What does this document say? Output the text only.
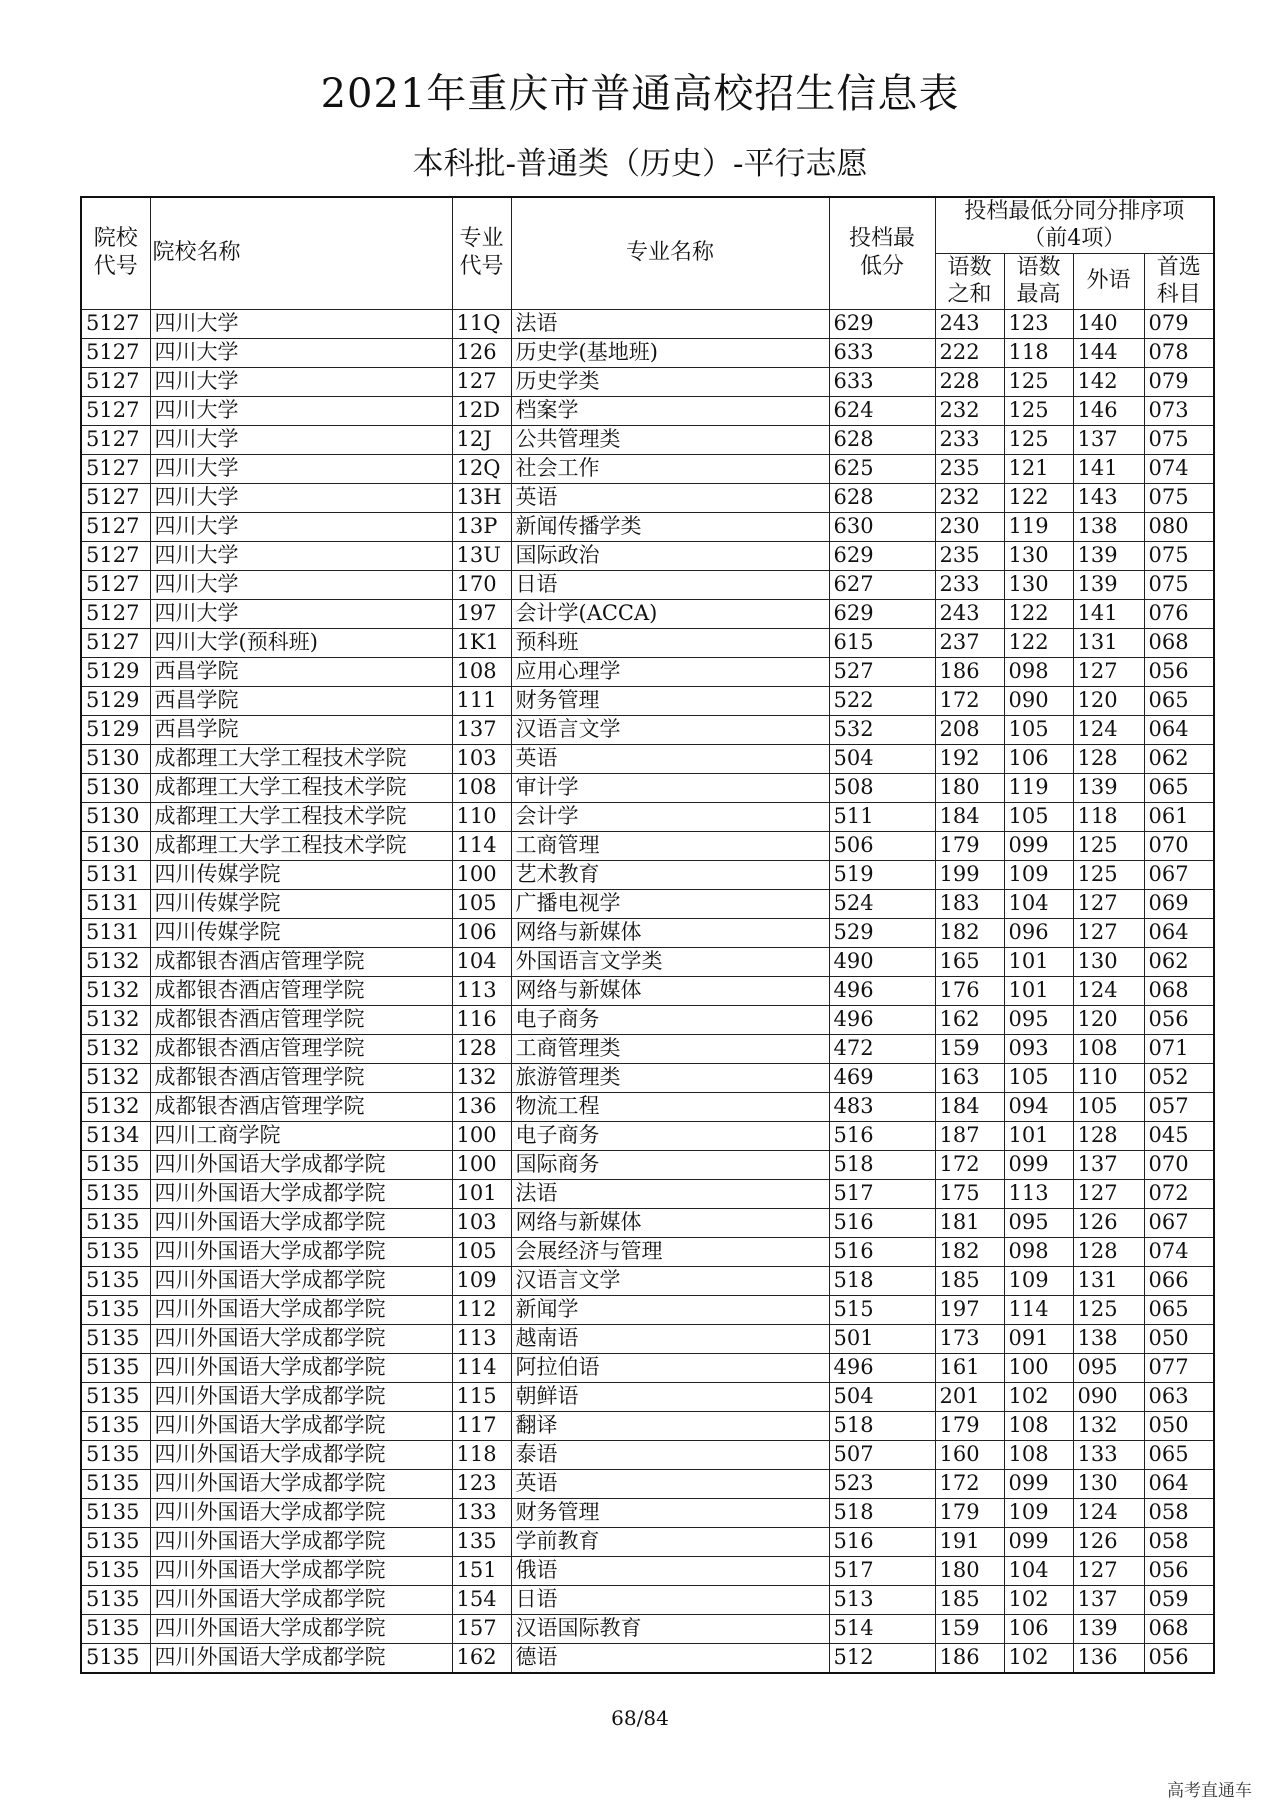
2021年重庆市普通高校招生信息表
本科批-普通类（历史）-平行志愿
院校代号	院校名称	专业代号	专业名称	投档最低分	投档最低分同分排序项（前4项）			
					语数之和	语数最高	外语	首选科目
5127	四川大学	11Q	法语	629	243	123	140	079
5127	四川大学	126	历史学(基地班)	633	222	118	144	078
5127	四川大学	127	历史学类	633	228	125	142	079
5127	四川大学	12D	档案学	624	232	125	146	073
5127	四川大学	12J	公共管理类	628	233	125	137	075
5127	四川大学	12Q	社会工作	625	235	121	141	074
5127	四川大学	13H	英语	628	232	122	143	075
5127	四川大学	13P	新闻传播学类	630	230	119	138	080
5127	四川大学	13U	国际政治	629	235	130	139	075
5127	四川大学	170	日语	627	233	130	139	075
5127	四川大学	197	会计学(ACCA)	629	243	122	141	076
5127	四川大学(预科班)	1K1	预科班	615	237	122	131	068
5129	西昌学院	108	应用心理学	527	186	098	127	056
5129	西昌学院	111	财务管理	522	172	090	120	065
5129	西昌学院	137	汉语言文学	532	208	105	124	064
5130	成都理工大学工程技术学院	103	英语	504	192	106	128	062
5130	成都理工大学工程技术学院	108	审计学	508	180	119	139	065
5130	成都理工大学工程技术学院	110	会计学	511	184	105	118	061
5130	成都理工大学工程技术学院	114	工商管理	506	179	099	125	070
5131	四川传媒学院	100	艺术教育	519	199	109	125	067
5131	四川传媒学院	105	广播电视学	524	183	104	127	069
5131	四川传媒学院	106	网络与新媒体	529	182	096	127	064
5132	成都银杏酒店管理学院	104	外国语言文学类	490	165	101	130	062
5132	成都银杏酒店管理学院	113	网络与新媒体	496	176	101	124	068
5132	成都银杏酒店管理学院	116	电子商务	496	162	095	120	056
5132	成都银杏酒店管理学院	128	工商管理类	472	159	093	108	071
5132	成都银杏酒店管理学院	132	旅游管理类	469	163	105	110	052
5132	成都银杏酒店管理学院	136	物流工程	483	184	094	105	057
5134	四川工商学院	100	电子商务	516	187	101	128	045
5135	四川外国语大学成都学院	100	国际商务	518	172	099	137	070
5135	四川外国语大学成都学院	101	法语	517	175	113	127	072
5135	四川外国语大学成都学院	103	网络与新媒体	516	181	095	126	067
5135	四川外国语大学成都学院	105	会展经济与管理	516	182	098	128	074
5135	四川外国语大学成都学院	109	汉语言文学	518	185	109	131	066
5135	四川外国语大学成都学院	112	新闻学	515	197	114	125	065
5135	四川外国语大学成都学院	113	越南语	501	173	091	138	050
5135	四川外国语大学成都学院	114	阿拉伯语	496	161	100	095	077
5135	四川外国语大学成都学院	115	朝鲜语	504	201	102	090	063
5135	四川外国语大学成都学院	117	翻译	518	179	108	132	050
5135	四川外国语大学成都学院	118	泰语	507	160	108	133	065
5135	四川外国语大学成都学院	123	英语	523	172	099	130	064
5135	四川外国语大学成都学院	133	财务管理	518	179	109	124	058
5135	四川外国语大学成都学院	135	学前教育	516	191	099	126	058
5135	四川外国语大学成都学院	151	俄语	517	180	104	127	056
5135	四川外国语大学成都学院	154	日语	513	185	102	137	059
5135	四川外国语大学成都学院	157	汉语国际教育	514	159	106	139	068
5135	四川外国语大学成都学院	162	德语	512	186	102	136	056
68/84
高考直通车
